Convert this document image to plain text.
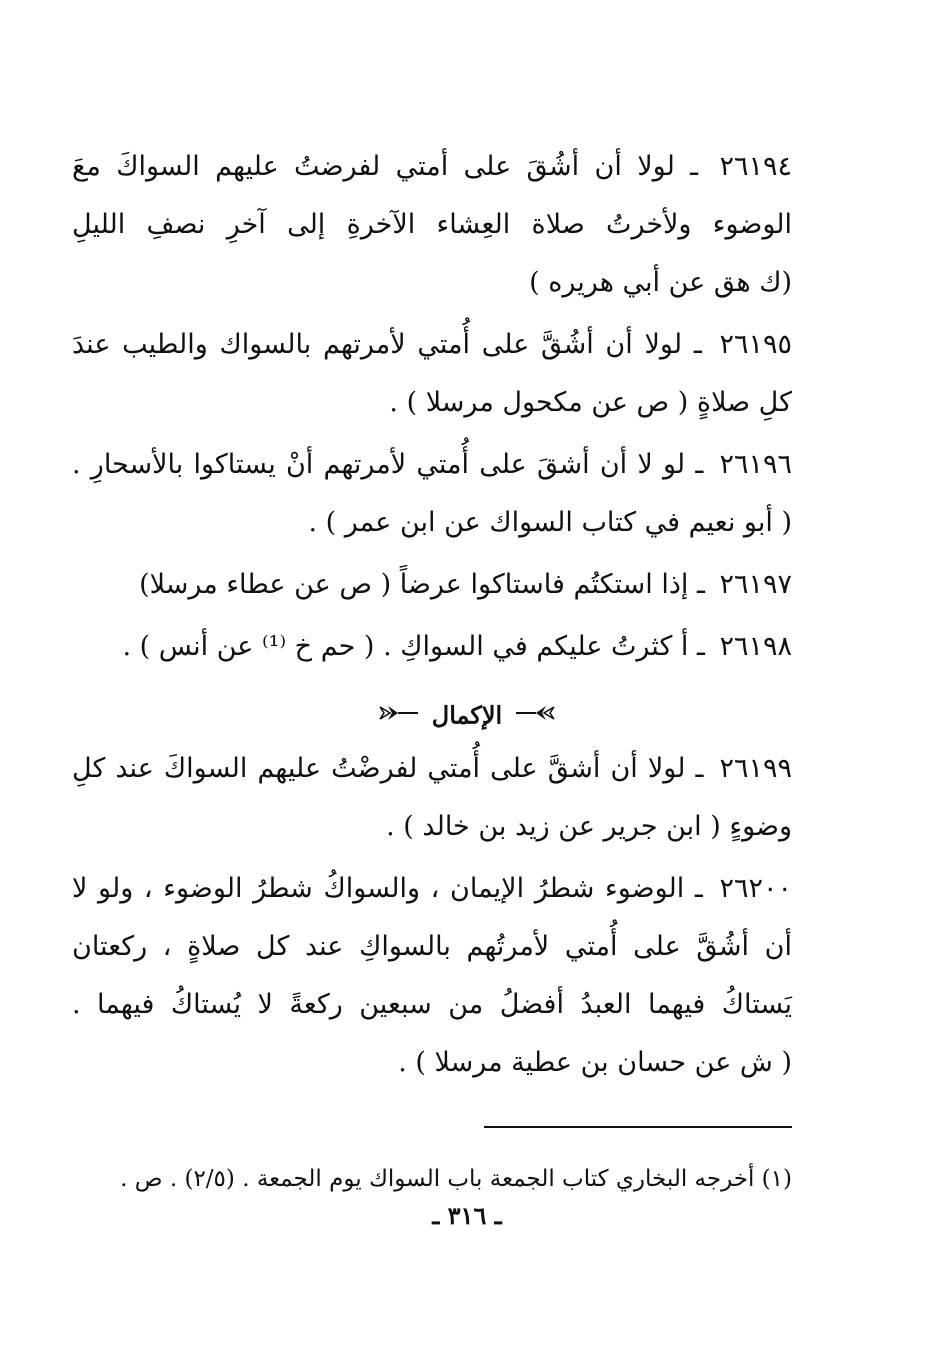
٢٦١٩٤ ـ لولا أن أشُقَ على أمتي لفرضتُ عليهم السواكَ معَ الوضوء ولأخرتُ صلاة العِشاء الآخرةِ إلى آخرِ نصفِ الليلِ (ك هق عن أبي هريره )

٢٦١٩٥ ـ لولا أن أشُقَّ على أُمتي لأمرتهم بالسواك والطيب عندَ كلِ صلاةٍ ( ص عن مكحول مرسلا ) .

٢٦١٩٦ ـ لو لا أن أشقَ على أُمتي لأمرتهم أنْ يستاكوا بالأسحارِ . ( أبو نعيم في كتاب السواك عن ابن عمر ) .

٢٦١٩٧ ـ إذا استكتُم فاستاكوا عرضاً ( ص عن عطاء مرسلا)

٢٦١٩٨ ـ أ كثرتُ عليكم في السواكِ . ( حم خ ⁽¹⁾ عن أنس ) .

الإكمال

٢٦١٩٩ ـ لولا أن أشقَّ على أُمتي لفرضْتُ عليهم السواكَ عند كلِ وضوءٍ ( ابن جرير عن زيد بن خالد ) .

٢٦٢٠٠ ـ الوضوء شطرُ الإيمان ، والسواكُ شطرُ الوضوء ، ولو لا أن أشُقَّ على أُمتي لأمرتُهم بالسواكِ عند كل صلاةٍ ، ركعتان يَستاكُ فيهما العبدُ أفضلُ من سبعين ركعةً لا يُستاكُ فيهما . ( ش عن حسان بن عطية مرسلا ) .

(١) أخرجه البخاري كتاب الجمعة باب السواك يوم الجمعة . (٢/٥) . ص .

ـ ٣١٦ ـ
